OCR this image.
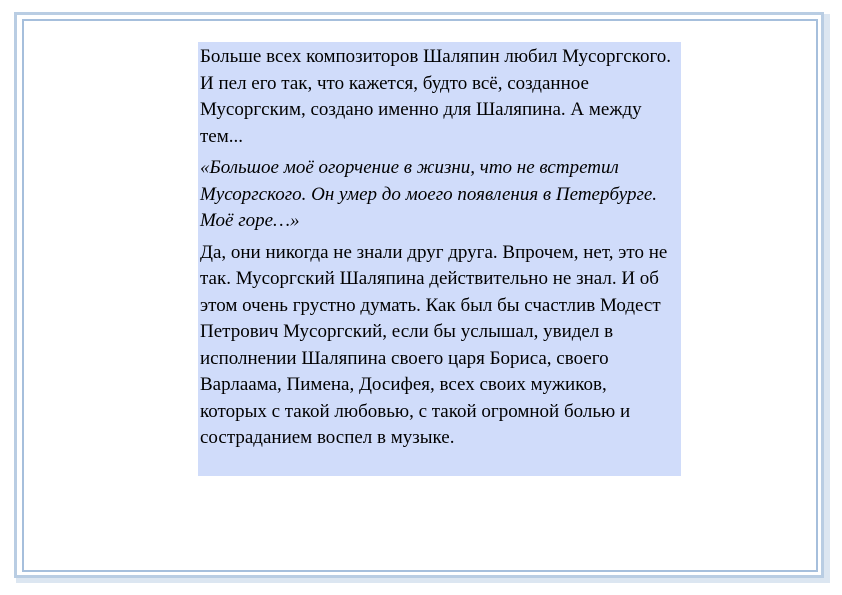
Больше всех композиторов Шаляпин любил Мусоргского. И пел его так, что кажется, будто всё, созданное Мусоргским, создано именно для Шаляпина. А между тем...

«Большое моё огорчение в жизни, что не встретил Мусоргского. Он умер до моего появления в Петербурге. Моё горе…»

Да, они никогда не знали друг друга. Впрочем, нет, это не так. Мусоргский Шаляпина действительно не знал. И об этом очень грустно думать. Как был бы счастлив Модест Петрович Мусоргский, если бы услышал, увидел в исполнении Шаляпина своего царя Бориса, своего Варлаама, Пимена, Досифея, всех своих мужиков, которых с такой любовью, с такой огромной болью и состраданием воспел в музыке.
